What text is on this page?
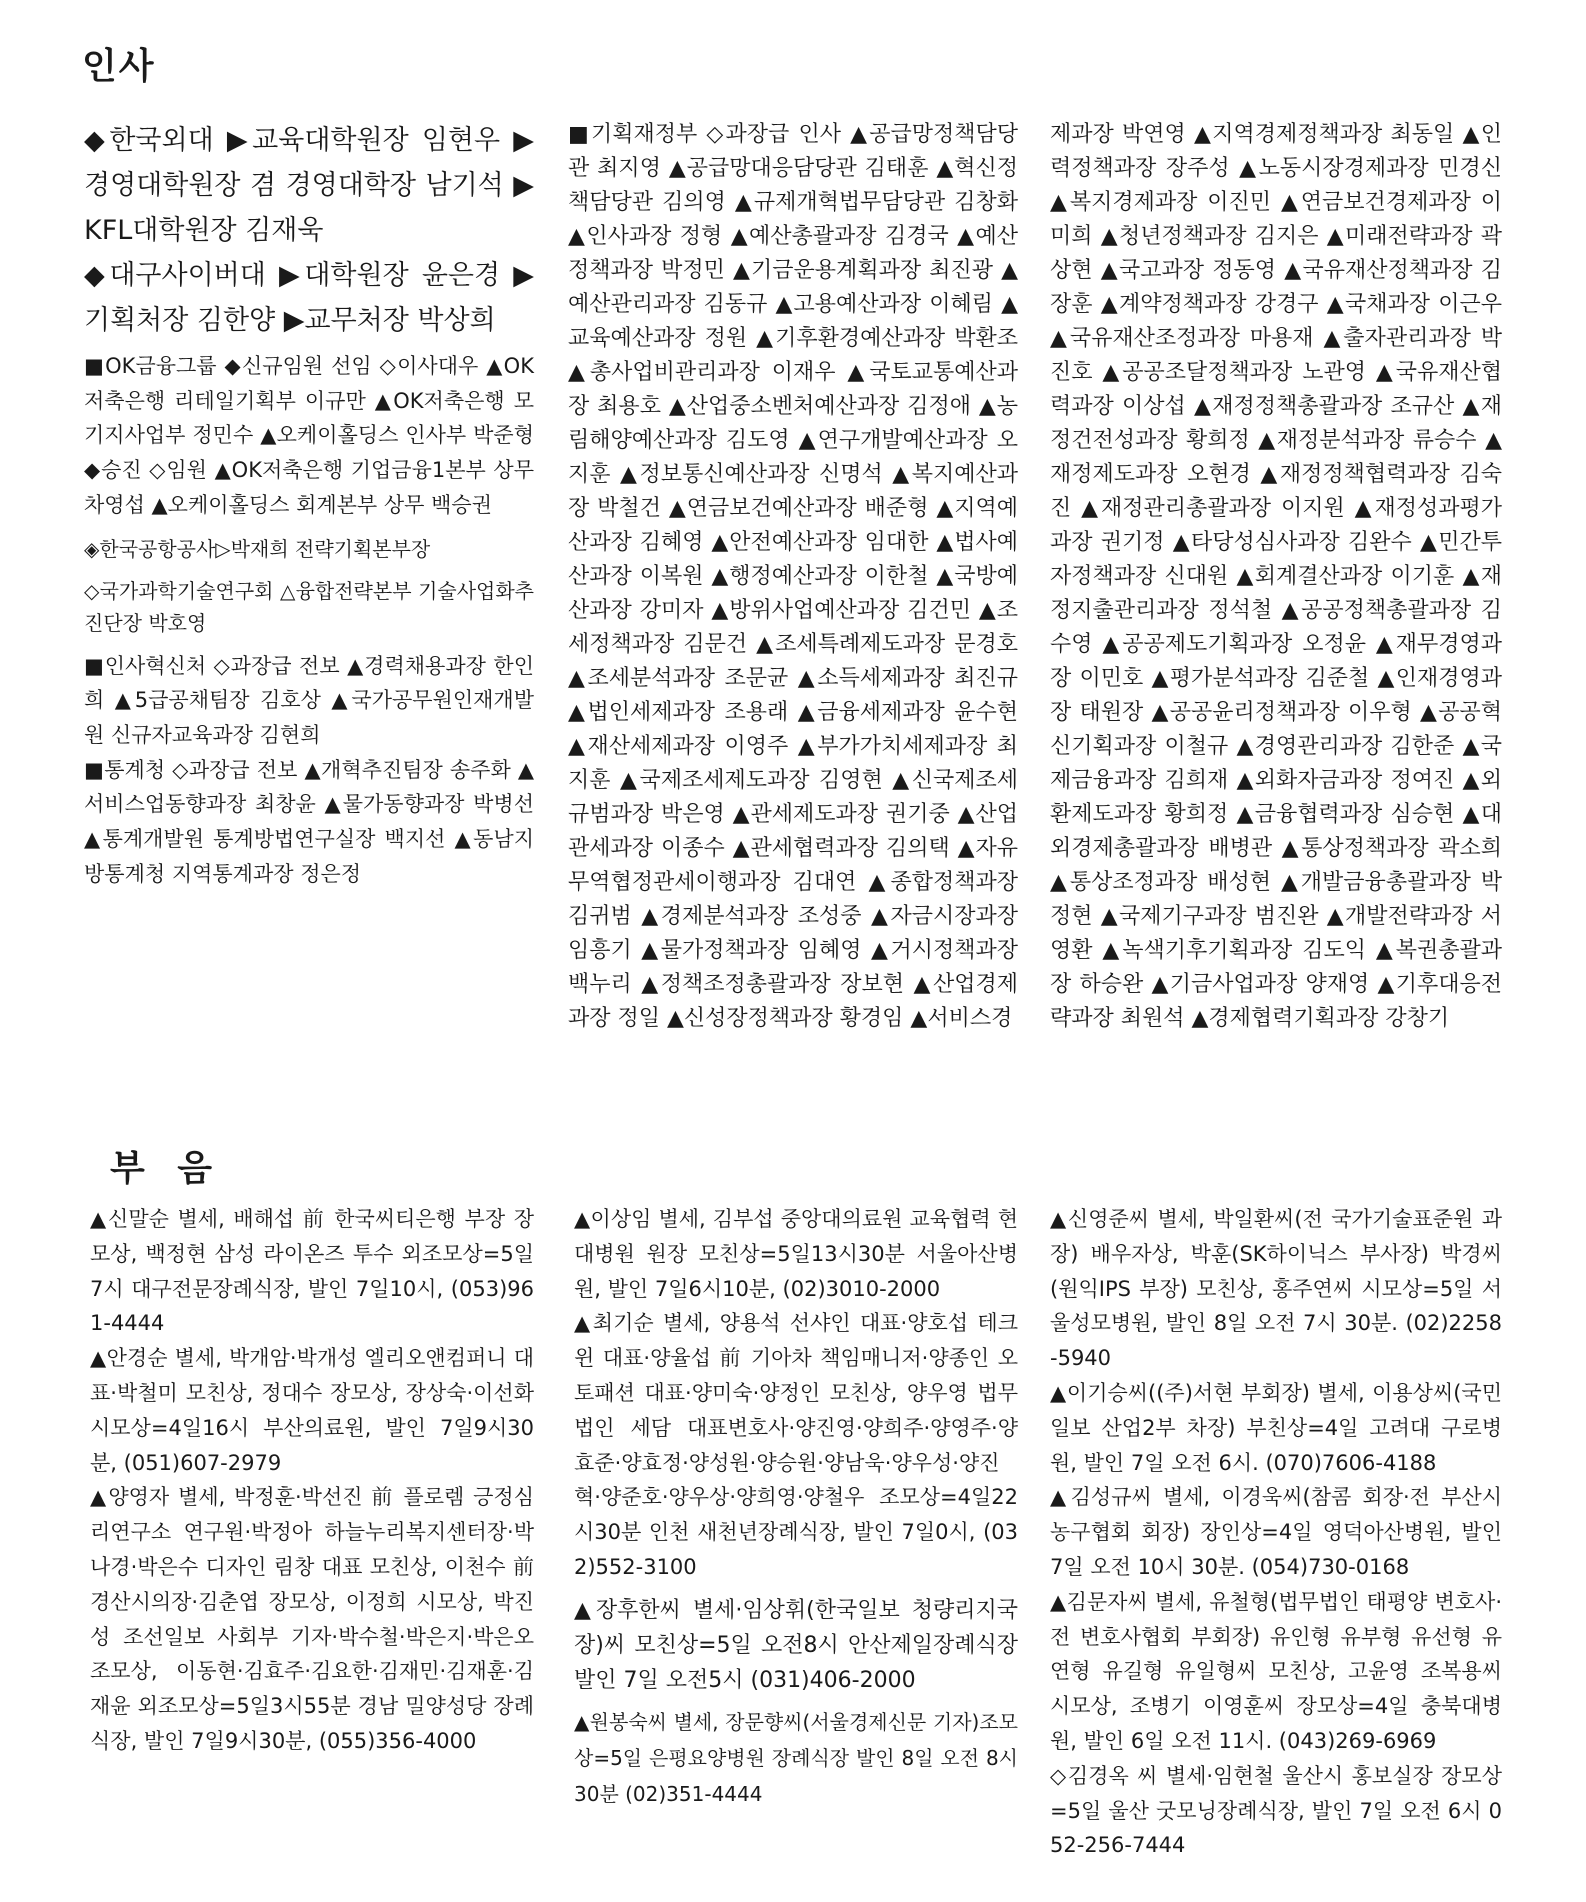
인사

◆한국외대 ▶교육대학원장 임현우 ▶경영대학원장 겸 경영대학장 남기석 ▶KFL대학원장 김재욱

◆대구사이버대 ▶대학원장 윤은경 ▶기획처장 김한양 ▶교무처장 박상희

■OK금융그룹 ◆신규임원 선임 ◇이사대우 ▲OK저축은행 리테일기획부 이규만 ▲OK저축은행 모기지사업부 정민수 ▲오케이홀딩스 인사부 박준형 ◆승진 ◇임원 ▲OK저축은행 기업금융1본부 상무 차영섭 ▲오케이홀딩스 회계본부 상무 백승권

◈한국공항공사▷박재희 전략기획본부장

◇국가과학기술연구회 △융합전략본부 기술사업화추진단장 박호영

■인사혁신처 ◇과장급 전보 ▲경력채용과장 한인희 ▲5급공채팀장 김호상 ▲국가공무원인재개발원 신규자교육과장 김현희

■통계청 ◇과장급 전보 ▲개혁추진팀장 송주화 ▲서비스업동향과장 최창윤 ▲물가동향과장 박병선 ▲통계개발원 통계방법연구실장 백지선 ▲동남지방통계청 지역통계과장 정은정

■기획재정부 ◇과장급 인사 ▲공급망정책담당관 최지영 ▲공급망대응담당관 김태훈 ▲혁신정책담당관 김의영 ▲규제개혁법무담당관 김창화 ▲인사과장 정형 ▲예산총괄과장 김경국 ▲예산정책과장 박정민 ▲기금운용계획과장 최진광 ▲예산관리과장 김동규 ▲고용예산과장 이혜림 ▲교육예산과장 정원 ▲기후환경예산과장 박환조 ▲총사업비관리과장 이재우 ▲국토교통예산과장 최용호 ▲산업중소벤처예산과장 김정애 ▲농림해양예산과장 김도영 ▲연구개발예산과장 오지훈 ▲정보통신예산과장 신명석 ▲복지예산과장 박철건 ▲연금보건예산과장 배준형 ▲지역예산과장 김혜영 ▲안전예산과장 임대한 ▲법사예산과장 이복원 ▲행정예산과장 이한철 ▲국방예산과장 강미자 ▲방위사업예산과장 김건민 ▲조세정책과장 김문건 ▲조세특례제도과장 문경호 ▲조세분석과장 조문균 ▲소득세제과장 최진규 ▲법인세제과장 조용래 ▲금융세제과장 윤수현 ▲재산세제과장 이영주 ▲부가가치세제과장 최지훈 ▲국제조세제도과장 김영현 ▲신국제조세규범과장 박은영 ▲관세제도과장 권기중 ▲산업관세과장 이종수 ▲관세협력과장 김의택 ▲자유무역협정관세이행과장 김대연 ▲종합정책과장 김귀범 ▲경제분석과장 조성중 ▲자금시장과장 임흥기 ▲물가정책과장 임혜영 ▲거시정책과장 백누리 ▲정책조정총괄과장 장보현 ▲산업경제과장 정일 ▲신성장정책과장 황경임 ▲서비스경

제과장 박연영 ▲지역경제정책과장 최동일 ▲인력정책과장 장주성 ▲노동시장경제과장 민경신 ▲복지경제과장 이진민 ▲연금보건경제과장 이미희 ▲청년정책과장 김지은 ▲미래전략과장 곽상현 ▲국고과장 정동영 ▲국유재산정책과장 김장훈 ▲계약정책과장 강경구 ▲국채과장 이근우 ▲국유재산조정과장 마용재 ▲출자관리과장 박진호 ▲공공조달정책과장 노관영 ▲국유재산협력과장 이상섭 ▲재정정책총괄과장 조규산 ▲재정건전성과장 황희정 ▲재정분석과장 류승수 ▲재정제도과장 오현경 ▲재정정책협력과장 김숙진 ▲재정관리총괄과장 이지원 ▲재정성과평가과장 권기정 ▲타당성심사과장 김완수 ▲민간투자정책과장 신대원 ▲회계결산과장 이기훈 ▲재정지출관리과장 정석철 ▲공공정책총괄과장 김수영 ▲공공제도기획과장 오정윤 ▲재무경영과장 이민호 ▲평가분석과장 김준철 ▲인재경영과장 태원장 ▲공공윤리정책과장 이우형 ▲공공혁신기획과장 이철규 ▲경영관리과장 김한준 ▲국제금융과장 김희재 ▲외화자금과장 정여진 ▲외환제도과장 황희정 ▲금융협력과장 심승현 ▲대외경제총괄과장 배병관 ▲통상정책과장 곽소희 ▲통상조정과장 배성현 ▲개발금융총괄과장 박정현 ▲국제기구과장 범진완 ▲개발전략과장 서영환 ▲녹색기후기획과장 김도익 ▲복권총괄과장 하승완 ▲기금사업과장 양재영 ▲기후대응전략과장 최원석 ▲경제협력기획과장 강창기

부 음

▲신말순 별세, 배해섭 前 한국씨티은행 부장 장모상, 백정현 삼성 라이온즈 투수 외조모상=5일7시 대구전문장례식장, 발인 7일10시, (053)961-4444

▲안경순 별세, 박개암·박개성 엘리오앤컴퍼니 대표·박철미 모친상, 정대수 장모상, 장상숙·이선화 시모상=4일16시 부산의료원, 발인 7일9시30분, (051)607-2979

▲양영자 별세, 박정훈·박선진 前 플로렘 긍정심리연구소 연구원·박정아 하늘누리복지센터장·박나경·박은수 디자인 림창 대표 모친상, 이천수 前 경산시의장·김춘엽 장모상, 이정희 시모상, 박진성 조선일보 사회부 기자·박수철·박은지·박은오 조모상, 이동현·김효주·김요한·김재민·김재훈·김재윤 외조모상=5일3시55분 경남 밀양성당 장례식장, 발인 7일9시30분, (055)356-4000

▲이상임 별세, 김부섭 중앙대의료원 교육협력 현대병원 원장 모친상=5일13시30분 서울아산병원, 발인 7일6시10분, (02)3010-2000

▲최기순 별세, 양용석 선샤인 대표·양호섭 테크윈 대표·양율섭 前 기아차 책임매니저·양종인 오토패션 대표·양미숙·양정인 모친상, 양우영 법무법인 세담 대표변호사·양진영·양희주·양영주·양효준·양효정·양성원·양승원·양남욱·양우성·양진혁·양준호·양우상·양희영·양철우 조모상=4일22시30분 인천 새천년장례식장, 발인 7일0시, (032)552-3100

▲장후한씨 별세·임상휘(한국일보 청량리지국장)씨 모친상=5일 오전8시 안산제일장례식장 발인 7일 오전5시 (031)406-2000

▲원봉숙씨 별세, 장문향씨(서울경제신문 기자)조모상=5일 은평요양병원 장례식장 발인 8일 오전 8시 30분 (02)351-4444

▲신영준씨 별세, 박일환씨(전 국가기술표준원 과장) 배우자상, 박훈(SK하이닉스 부사장) 박경씨(원익IPS 부장) 모친상, 홍주연씨 시모상=5일 서울성모병원, 발인 8일 오전 7시 30분. (02)2258-5940

▲이기승씨((주)서현 부회장) 별세, 이용상씨(국민일보 산업2부 차장) 부친상=4일 고려대 구로병원, 발인 7일 오전 6시. (070)7606-4188

▲김성규씨 별세, 이경욱씨(참콤 회장·전 부산시 농구협회 회장) 장인상=4일 영덕아산병원, 발인 7일 오전 10시 30분. (054)730-0168

▲김문자씨 별세, 유철형(법무법인 태평양 변호사·전 변호사협회 부회장) 유인형 유부형 유선형 유연형 유길형 유일형씨 모친상, 고윤영 조복용씨 시모상, 조병기 이영훈씨 장모상=4일 충북대병원, 발인 6일 오전 11시. (043)269-6969

◇김경옥 씨 별세·임현철 울산시 홍보실장 장모상=5일 울산 굿모닝장례식장, 발인 7일 오전 6시 052-256-7444
